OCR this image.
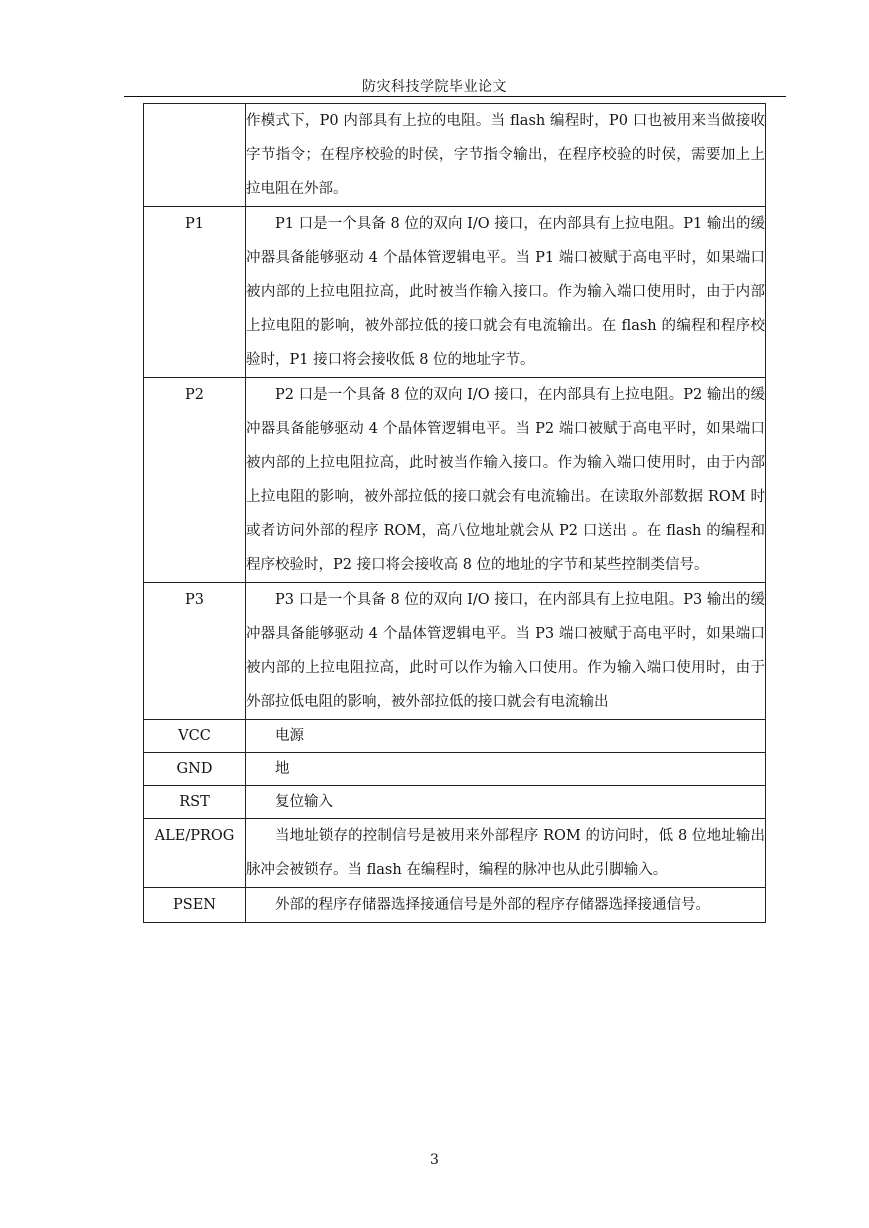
防灾科技学院毕业论文
	作模式下，P0 内部具有上拉的电阻。当 flash 编程时，P0 口也被用来当做接收字节指令；在程序校验的时侯，字节指令输出，在程序校验的时侯，需要加上上拉电阻在外部。
P1	P1 口是一个具备 8 位的双向 I/O 接口，在内部具有上拉电阻。P1 输出的缓冲器具备能够驱动 4 个晶体管逻辑电平。当 P1 端口被赋于高电平时，如果端口被内部的上拉电阻拉高，此时被当作输入接口。作为输入端口使用时，由于内部上拉电阻的影响，被外部拉低的接口就会有电流输出。在 flash 的编程和程序校验时，P1 接口将会接收低 8 位的地址字节。
P2	P2 口是一个具备 8 位的双向 I/O 接口，在内部具有上拉电阻。P2 输出的缓冲器具备能够驱动 4 个晶体管逻辑电平。当 P2 端口被赋于高电平时，如果端口被内部的上拉电阻拉高，此时被当作输入接口。作为输入端口使用时，由于内部上拉电阻的影响，被外部拉低的接口就会有电流输出。在读取外部数据 ROM 时或者访问外部的程序 ROM，高八位地址就会从 P2 口送出 。在 flash 的编程和程序校验时，P2 接口将会接收高 8 位的地址的字节和某些控制类信号。
P3	P3 口是一个具备 8 位的双向 I/O 接口，在内部具有上拉电阻。P3 输出的缓冲器具备能够驱动 4 个晶体管逻辑电平。当 P3 端口被赋于高电平时，如果端口被内部的上拉电阻拉高，此时可以作为输入口使用。作为输入端口使用时，由于外部拉低电阻的影响，被外部拉低的接口就会有电流输出
VCC	电源
GND	地
RST	复位输入
ALE/PROG	当地址锁存的控制信号是被用来外部程序 ROM 的访问时，低 8 位地址输出脉冲会被锁存。当 flash 在编程时，编程的脉冲也从此引脚输入。
PSEN	外部的程序存储器选择接通信号是外部的程序存储器选择接通信号。
3
